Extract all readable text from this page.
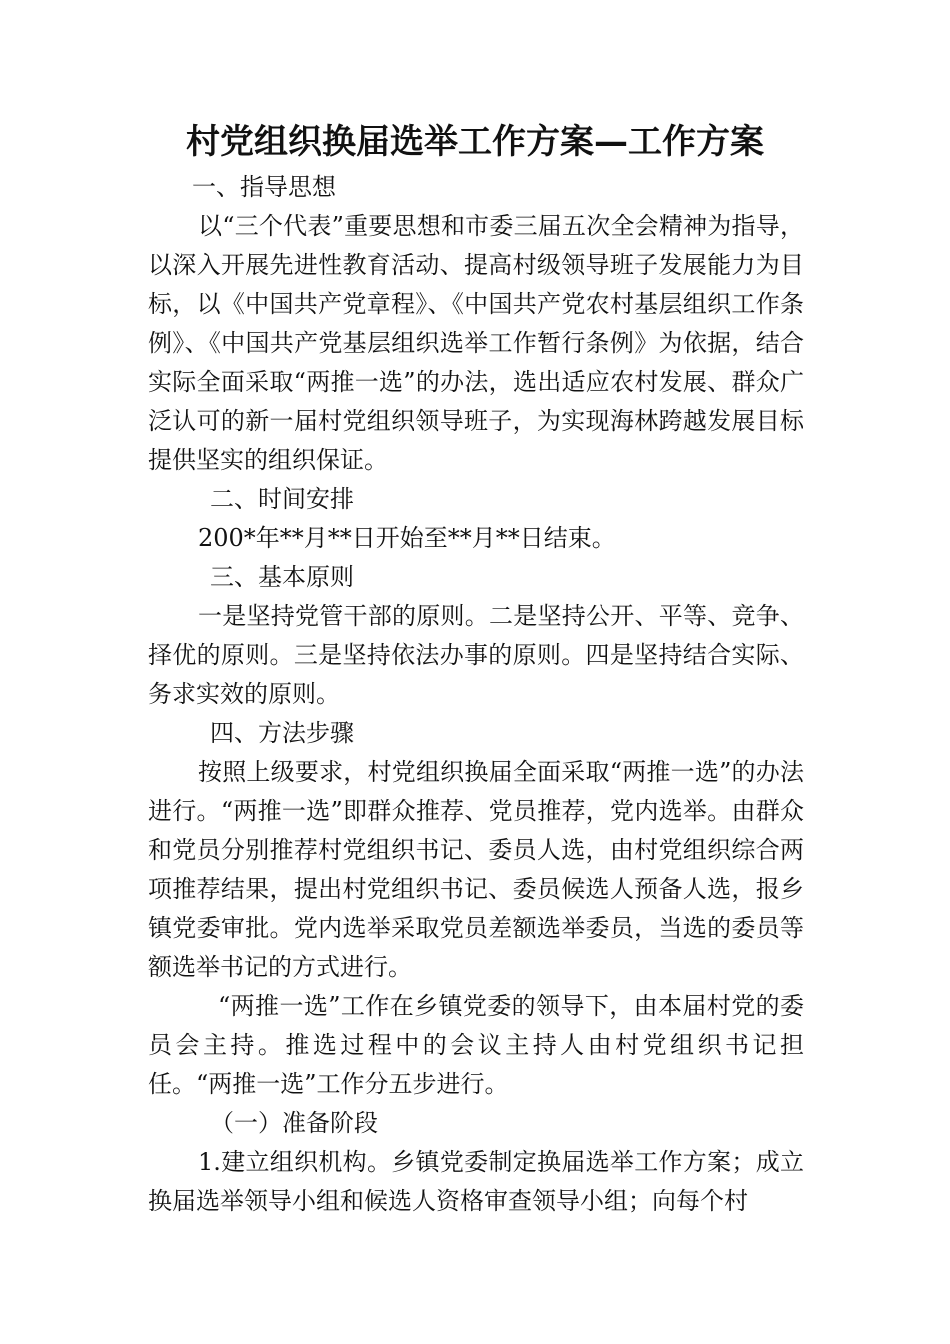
村党组织换届选举工作方案—工作方案

一、指导思想

以“三个代表”重要思想和市委三届五次全会精神为指导，以深入开展先进性教育活动、提高村级领导班子发展能力为目标，以《中国共产党章程》、《中国共产党农村基层组织工作条例》、《中国共产党基层组织选举工作暂行条例》为依据，结合实际全面采取“两推一选”的办法，选出适应农村发展、群众广泛认可的新一届村党组织领导班子，为实现海林跨越发展目标提供坚实的组织保证。

二、时间安排

200*年**月**日开始至**月**日结束。

三、基本原则

一是坚持党管干部的原则。二是坚持公开、平等、竞争、择优的原则。三是坚持依法办事的原则。四是坚持结合实际、务求实效的原则。

四、方法步骤

按照上级要求，村党组织换届全面采取“两推一选”的办法进行。“两推一选”即群众推荐、党员推荐，党内选举。由群众和党员分别推荐村党组织书记、委员人选，由村党组织综合两项推荐结果，提出村党组织书记、委员候选人预备人选，报乡镇党委审批。党内选举采取党员差额选举委员，当选的委员等额选举书记的方式进行。

“两推一选”工作在乡镇党委的领导下，由本届村党的委员会主持。推选过程中的会议主持人由村党组织书记担任。“两推一选”工作分五步进行。

（一）准备阶段

1.建立组织机构。乡镇党委制定换届选举工作方案；成立换届选举领导小组和候选人资格审查领导小组；向每个村
